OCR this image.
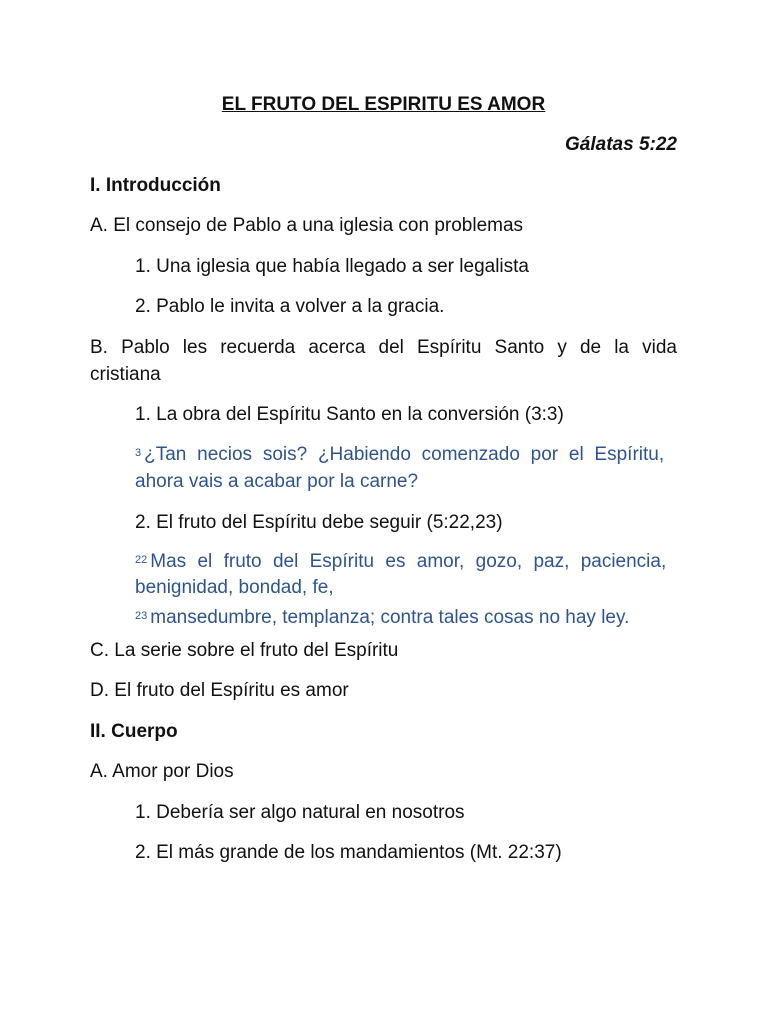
EL FRUTO DEL ESPIRITU ES AMOR

Gálatas 5:22

I. Introducción

A. El consejo de Pablo a una iglesia con problemas

1. Una iglesia que había llegado a ser legalista

2. Pablo le invita a volver a la gracia.

B. Pablo les recuerda acerca del Espíritu Santo y de la vida

cristiana

1. La obra del Espíritu Santo en la conversión (3:3)

$^3$ ¿Tan necios sois? ¿Habiendo comenzado por el Espíritu,

ahora vais a acabar por la carne?

2. El fruto del Espíritu debe seguir (5:22,23)

$^{22}$ Mas el fruto del Espíritu es amor, gozo, paz, paciencia,

benignidad, bondad, fe,

$^{23}$ mansedumbre, templanza; contra tales cosas no hay ley.

C. La serie sobre el fruto del Espíritu

D. El fruto del Espíritu es amor

II. Cuerpo

A. Amor por Dios

1. Debería ser algo natural en nosotros

2. El más grande de los mandamientos (Mt. 22:37)
